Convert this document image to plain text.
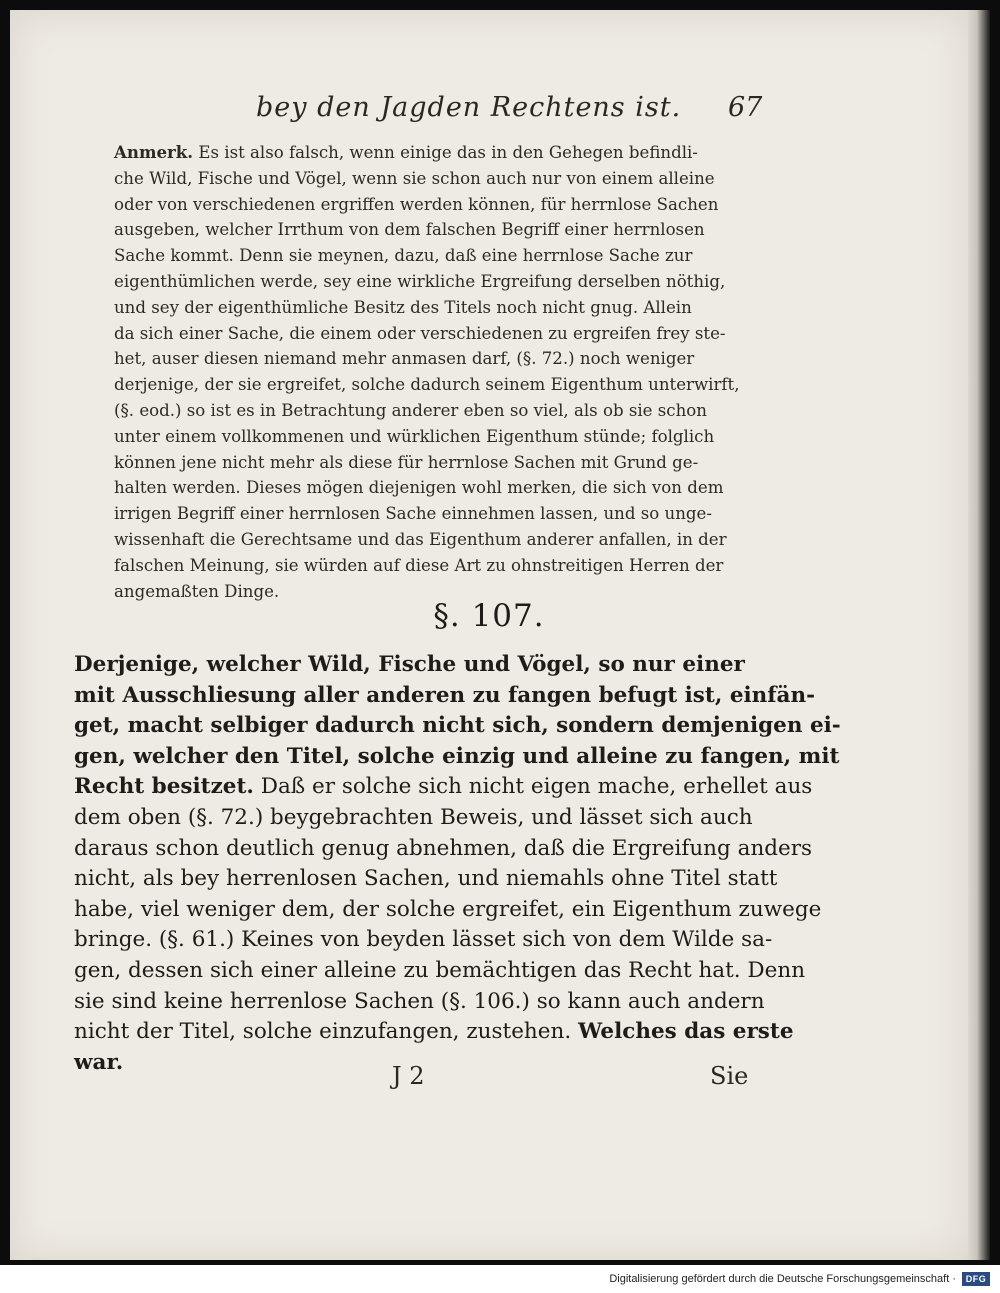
bey den Jagden Rechtens ist. 67
Anmerk. Es ist also falsch, wenn einige das in den Gehegen befindli-
che Wild, Fische und Vögel, wenn sie schon auch nur von einem alleine
oder von verschiedenen ergriffen werden können, für herrnlose Sachen
ausgeben, welcher Irrthum von dem falschen Begriff einer herrnlosen
Sache kommt. Denn sie meynen, dazu, daß eine herrnlose Sache zur
eigenthümlichen werde, sey eine wirkliche Ergreifung derselben nöthig,
und sey der eigenthümliche Besitz des Titels noch nicht gnug. Allein
da sich einer Sache, die einem oder verschiedenen zu ergreifen frey ste-
het, auser diesen niemand mehr anmasen darf, (§. 72.) noch weniger
derjenige, der sie ergreifet, solche dadurch seinem Eigenthum unterwirft,
(§. eod.) so ist es in Betrachtung anderer eben so viel, als ob sie schon
unter einem vollkommenen und würklichen Eigenthum stünde; folglich
können jene nicht mehr als diese für herrnlose Sachen mit Grund ge-
halten werden. Dieses mögen diejenigen wohl merken, die sich von dem
irrigen Begriff einer herrnlosen Sache einnehmen lassen, und so unge-
wissenhaft die Gerechtsame und das Eigenthum anderer anfallen, in der
falschen Meinung, sie würden auf diese Art zu ohnstreitigen Herren der
angemaßten Dinge.
§. 107.
Derjenige, welcher Wild, Fische und Vögel, so nur einer
mit Ausschliesung aller anderen zu fangen befugt ist, einfän-
get, macht selbiger dadurch nicht sich, sondern demjenigen ei-
gen, welcher den Titel, solche einzig und alleine zu fangen, mit
Recht besitzet. Daß er solche sich nicht eigen mache, erhellet aus
dem oben (§. 72.) beygebrachten Beweis, und lässet sich auch
daraus schon deutlich genug abnehmen, daß die Ergreifung anders
nicht, als bey herrenlosen Sachen, und niemahls ohne Titel statt
habe, viel weniger dem, der solche ergreifet, ein Eigenthum zuwege
bringe. (§. 61.) Keines von beyden lässet sich von dem Wilde sa-
gen, dessen sich einer alleine zu bemächtigen das Recht hat. Denn
sie sind keine herrenlose Sachen (§. 106.) so kann auch andern
nicht der Titel, solche einzufangen, zustehen. Welches das erste
war.	J 2	Sie
Digitalisierung gefördert durch die Deutsche Forschungsgemeinschaft ·	DFG
